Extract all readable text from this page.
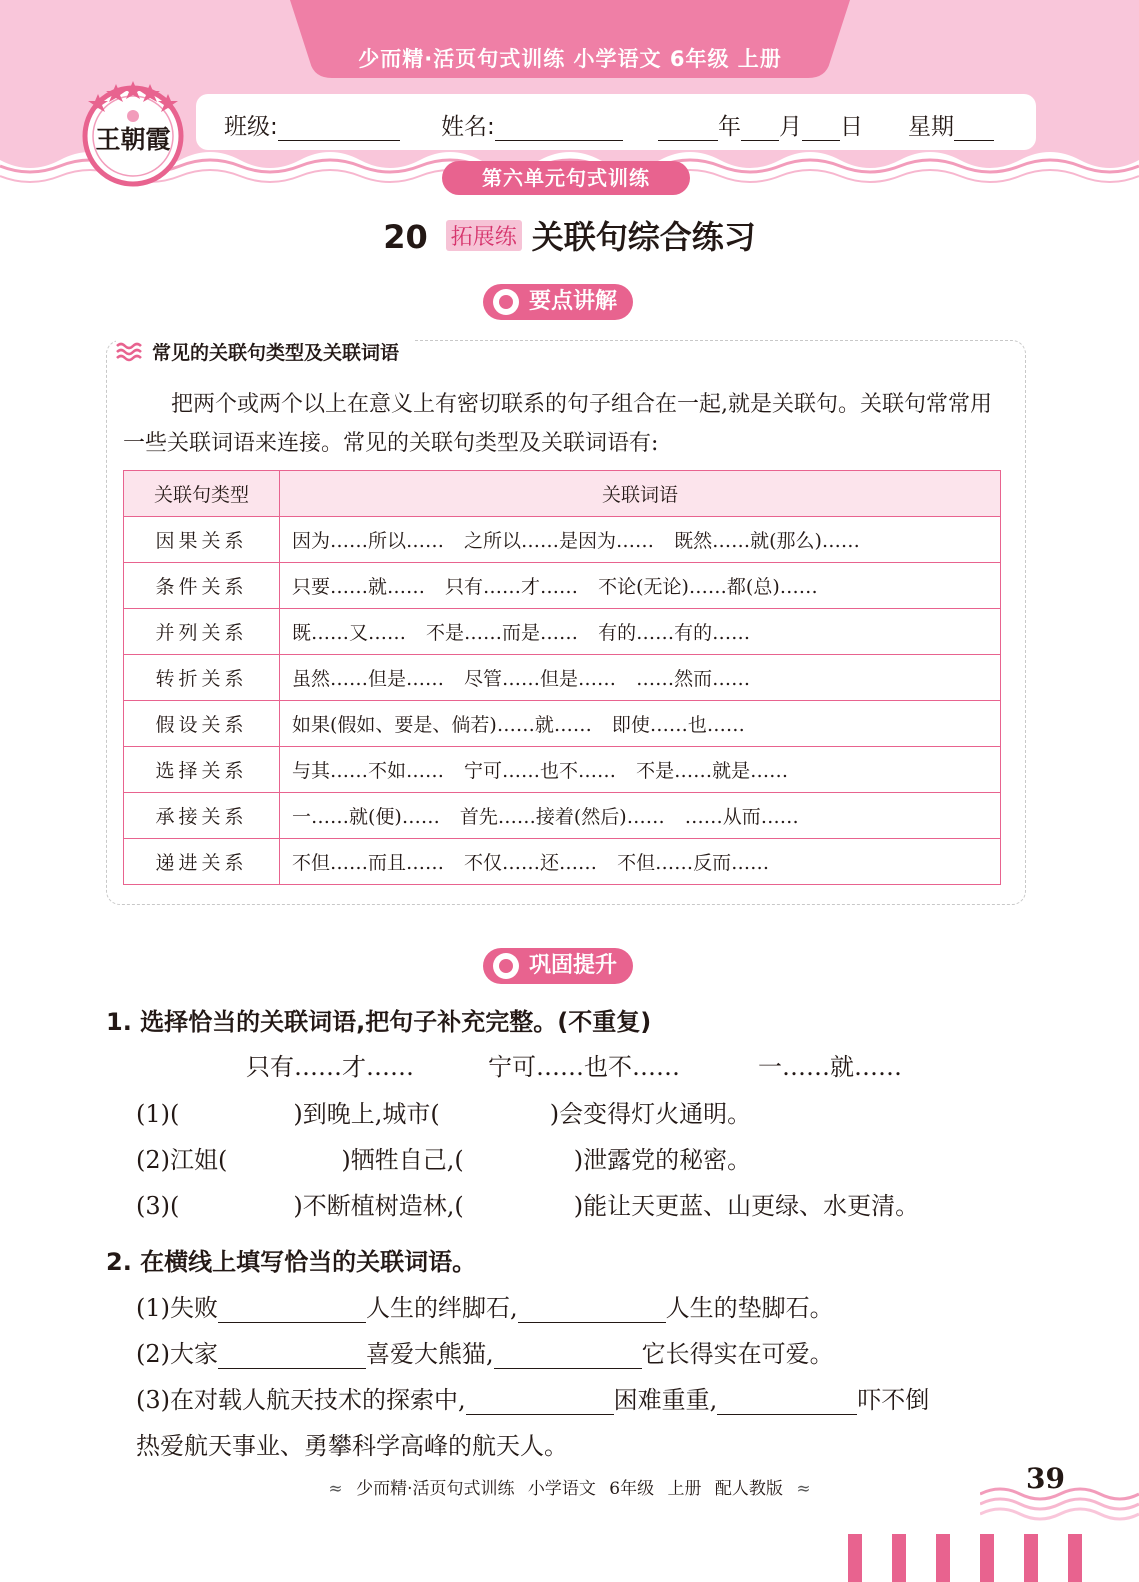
少而精·活页句式训练 小学语文 6年级 上册
王朝霞 班级:	姓名:	年 月 日 星期
第六单元句式训练
20 拓展练 关联句综合练习
要点讲解
常见的关联句类型及关联词语
把两个或两个以上在意义上有密切联系的句子组合在一起,就是关联句。关联句常常用一些关联词语来连接。常见的关联句类型及关联词语有:
关联句类型	关联词语
因果关系	因为……所以…… 之所以……是因为…… 既然……就(那么)……
条件关系	只要……就…… 只有……才…… 不论(无论)……都(总)……
并列关系	既……又…… 不是……而是…… 有的……有的……
转折关系	虽然……但是…… 尽管……但是…… ……然而……
假设关系	如果(假如、要是、倘若)……就…… 即使……也……
选择关系	与其……不如…… 宁可……也不…… 不是……就是……
承接关系	一……就(便)…… 首先……接着(然后)…… ……从而……
递进关系	不但……而且…… 不仅……还…… 不但……反而……
巩固提升
1. 选择恰当的关联词语,把句子补充完整。(不重复)
只有……才……	宁可……也不……	一……就……
(1)(	)到晚上,城市(	)会变得灯火通明。
(2)江姐(	)牺牲自己,(	)泄露党的秘密。
(3)(	)不断植树造林,(	)能让天更蓝、山更绿、水更清。
2. 在横线上填写恰当的关联词语。
(1)失败	人生的绊脚石,	人生的垫脚石。
(2)大家	喜爱大熊猫,	它长得实在可爱。
(3)在对载人航天技术的探索中,	困难重重,	吓不倒
热爱航天事业、勇攀科学高峰的航天人。
≈ 少而精·活页句式训练 小学语文 6年级 上册 配人教版 ≈	39
